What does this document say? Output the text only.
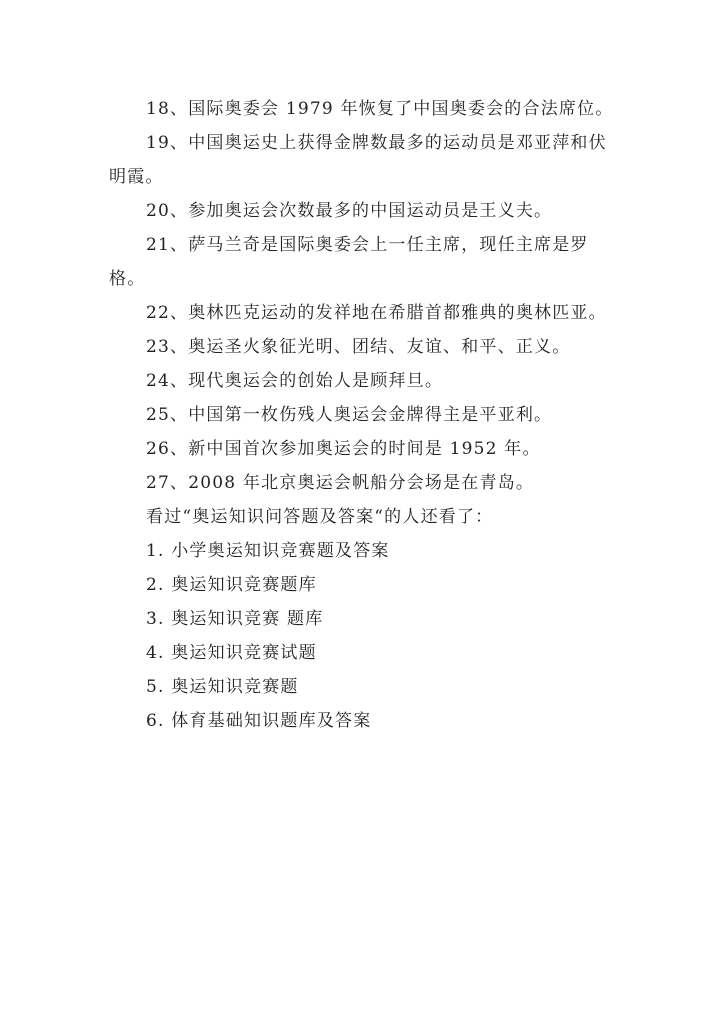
18、国际奥委会 1979 年恢复了中国奥委会的合法席位。

19、中国奥运史上获得金牌数最多的运动员是邓亚萍和伏明霞。

20、参加奥运会次数最多的中国运动员是王义夫。

21、萨马兰奇是国际奥委会上一任主席，现任主席是罗格。

22、奥林匹克运动的发祥地在希腊首都雅典的奥林匹亚。

23、奥运圣火象征光明、团结、友谊、和平、正义。

24、现代奥运会的创始人是顾拜旦。

25、中国第一枚伤残人奥运会金牌得主是平亚利。

26、新中国首次参加奥运会的时间是 1952 年。

27、2008 年北京奥运会帆船分会场是在青岛。

看过“奥运知识问答题及答案“的人还看了：

1. 小学奥运知识竞赛题及答案
2. 奥运知识竞赛题库
3. 奥运知识竞赛 题库
4. 奥运知识竞赛试题
5. 奥运知识竞赛题
6. 体育基础知识题库及答案
